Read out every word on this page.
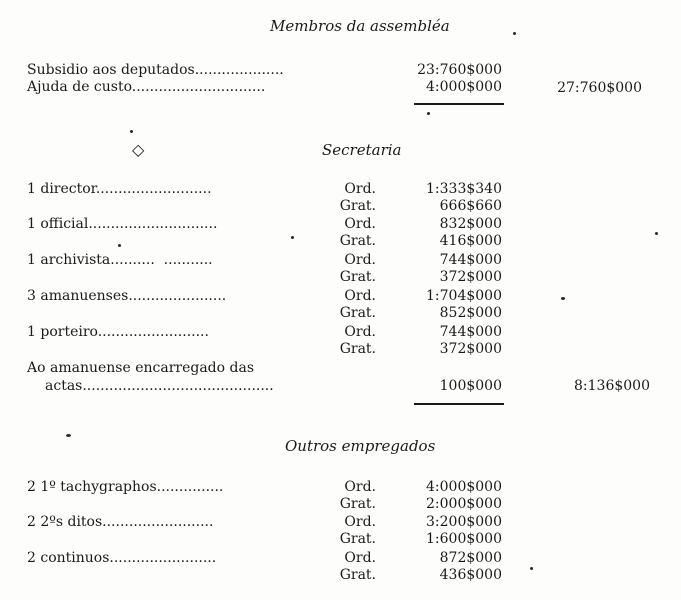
Membros da assembléa
Subsidio aos deputados....................	23:760$000
Ajuda de custo..............................	4:000$000	27:760$000
Secretaria
◇
1 director..........................	Ord.	1:333$340
Grat.	666$660
1 official.............................	Ord.	832$000
Grat.	416$000
1 archivista..........  ...........	Ord.	744$000
Grat.	372$000
3 amanuenses......................	Ord.	1:704$000
Grat.	852$000
1 porteiro.........................	Ord.	744$000
Grat.	372$000
Ao amanuense encarregado das
actas...........................................	100$000	8:136$000
Outros empregados
2 1º tachygraphos...............	Ord.	4:000$000
Grat.	2:000$000
2 2ºs ditos.........................	Ord.	3:200$000
Grat.	1:600$000
2 continuos........................	Ord.	872$000
Grat.	436$000
